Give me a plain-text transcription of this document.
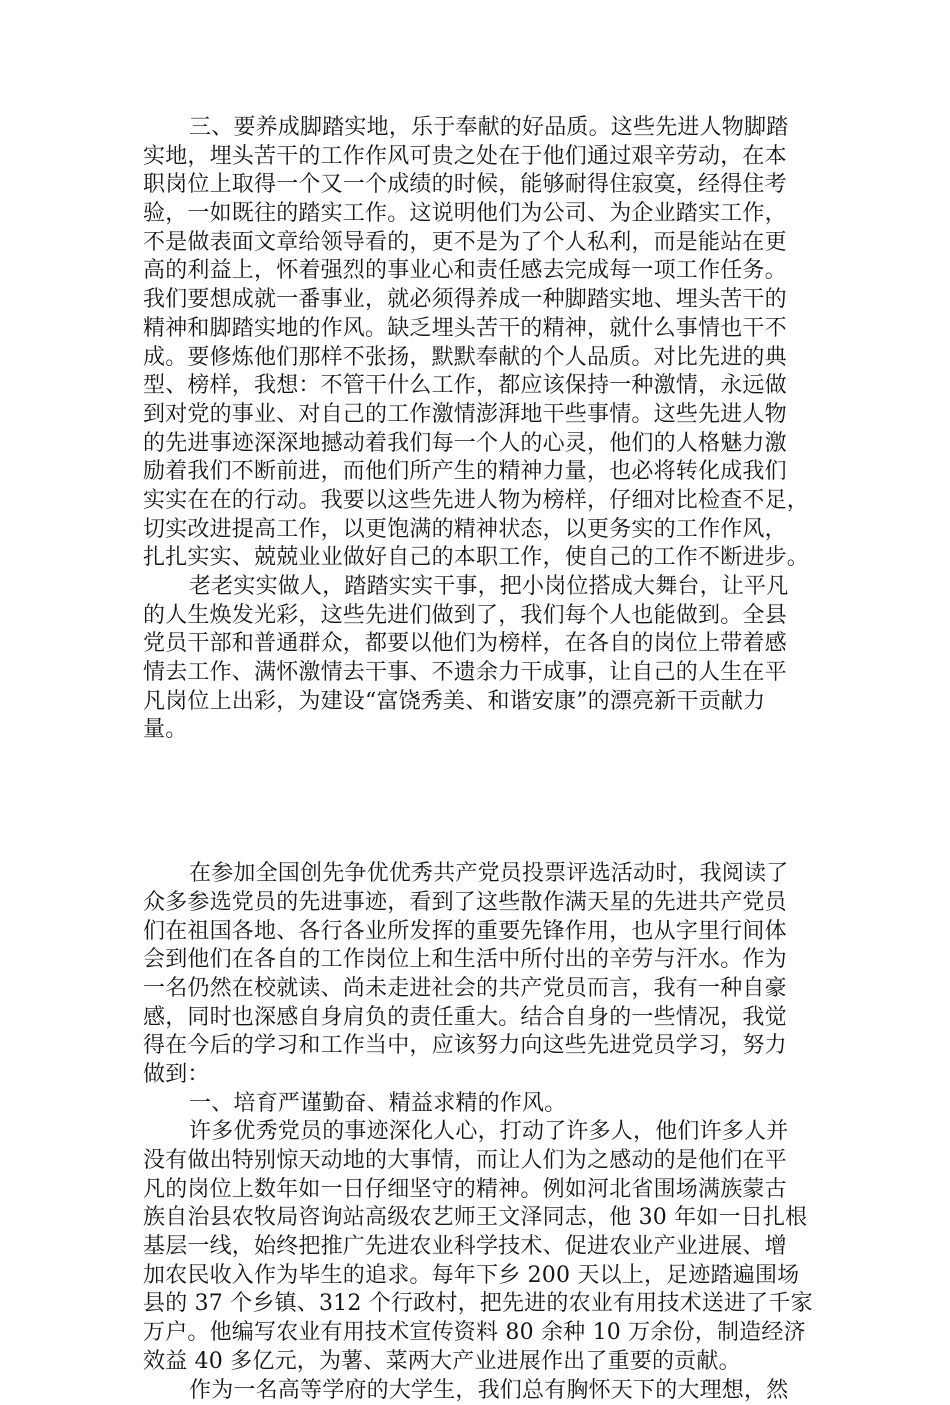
三、要养成脚踏实地，乐于奉献的好品质。这些先进人物脚踏
实地，埋头苦干的工作作风可贵之处在于他们通过艰辛劳动，在本
职岗位上取得一个又一个成绩的时候，能够耐得住寂寞，经得住考
验，一如既往的踏实工作。这说明他们为公司、为企业踏实工作，
不是做表面文章给领导看的，更不是为了个人私利，而是能站在更
高的利益上，怀着强烈的事业心和责任感去完成每一项工作任务。
我们要想成就一番事业，就必须得养成一种脚踏实地、埋头苦干的
精神和脚踏实地的作风。缺乏埋头苦干的精神，就什么事情也干不
成。要修炼他们那样不张扬，默默奉献的个人品质。对比先进的典
型、榜样，我想：不管干什么工作，都应该保持一种激情，永远做
到对党的事业、对自己的工作激情澎湃地干些事情。这些先进人物
的先进事迹深深地撼动着我们每一个人的心灵，他们的人格魅力激
励着我们不断前进，而他们所产生的精神力量，也必将转化成我们
实实在在的行动。我要以这些先进人物为榜样，仔细对比检查不足，
切实改进提高工作，以更饱满的精神状态，以更务实的工作作风，
扎扎实实、兢兢业业做好自己的本职工作，使自己的工作不断进步。
老老实实做人，踏踏实实干事，把小岗位搭成大舞台，让平凡
的人生焕发光彩，这些先进们做到了，我们每个人也能做到。全县
党员干部和普通群众，都要以他们为榜样，在各自的岗位上带着感
情去工作、满怀激情去干事、不遗余力干成事，让自己的人生在平
凡岗位上出彩，为建设“富饶秀美、和谐安康”的漂亮新干贡献力
量。
在参加全国创先争优优秀共产党员投票评选活动时，我阅读了
众多参选党员的先进事迹，看到了这些散作满天星的先进共产党员
们在祖国各地、各行各业所发挥的重要先锋作用，也从字里行间体
会到他们在各自的工作岗位上和生活中所付出的辛劳与汗水。作为
一名仍然在校就读、尚未走进社会的共产党员而言，我有一种自豪
感，同时也深感自身肩负的责任重大。结合自身的一些情况，我觉
得在今后的学习和工作当中，应该努力向这些先进党员学习，努力
做到：
一、培育严谨勤奋、精益求精的作风。
许多优秀党员的事迹深化人心，打动了许多人，他们许多人并
没有做出特别惊天动地的大事情，而让人们为之感动的是他们在平
凡的岗位上数年如一日仔细坚守的精神。例如河北省围场满族蒙古
族自治县农牧局咨询站高级农艺师王文泽同志，他 30 年如一日扎根
基层一线，始终把推广先进农业科学技术、促进农业产业进展、增
加农民收入作为毕生的追求。每年下乡 200 天以上，足迹踏遍围场
县的 37 个乡镇、312 个行政村，把先进的农业有用技术送进了千家
万户。他编写农业有用技术宣传资料 80 余种 10 万余份，制造经济
效益 40 多亿元，为薯、菜两大产业进展作出了重要的贡献。
作为一名高等学府的大学生，我们总有胸怀天下的大理想，然
